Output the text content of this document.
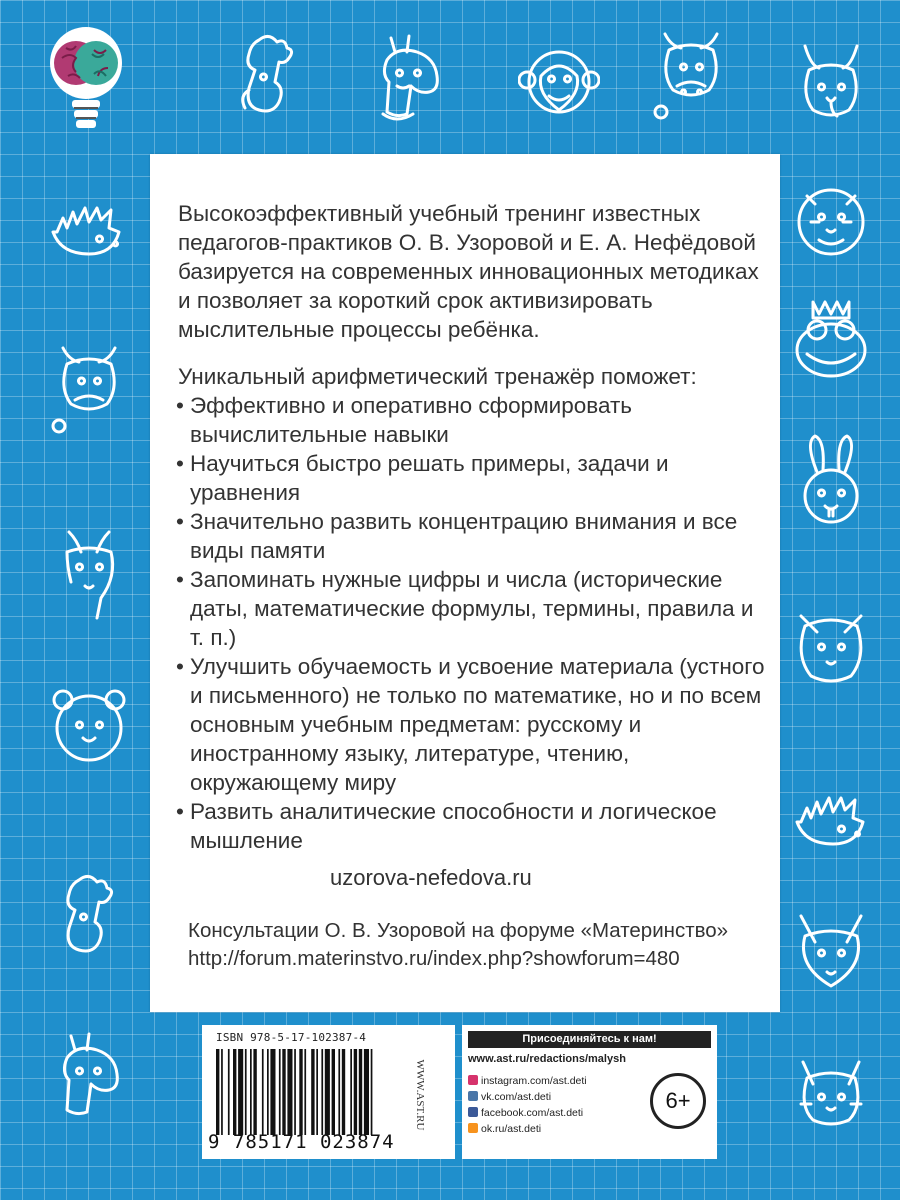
Высокоэффективный учебный тренинг известных педагогов-практиков О. В. Узоровой и Е. А. Нефёдовой базируется на современных инновационных методиках и позволяет за короткий срок активизировать мыслительные процессы ребёнка.

Уникальный арифметический тренажёр поможет:

• Эффективно и оперативно сформировать вычислительные навыки
• Научиться быстро решать примеры, задачи и уравнения
• Значительно развить концентрацию внимания и все виды памяти
• Запоминать нужные цифры и числа (исторические даты, математические формулы, термины, правила и т. п.)
• Улучшить обучаемость и усвоение материала (устного и письменного) не только по математике, но и по всем основным учебным предметам: русскому и иностранному языку, литературе, чтению, окружающему миру
• Развить аналитические способности и логическое мышление
uzorova-nefedova.ru
Консультации О. В. Узоровой на форуме «Материнство»
http://forum.materinstvo.ru/index.php?showforum=480
ISBN 978-5-17-102387-4
9 785171 023874
WWW.AST.RU
Присоединяйтесь к нам!
www.ast.ru/redactions/malysh
instagram.com/ast.deti
vk.com/ast.deti
facebook.com/ast.deti
ok.ru/ast.deti
6+
